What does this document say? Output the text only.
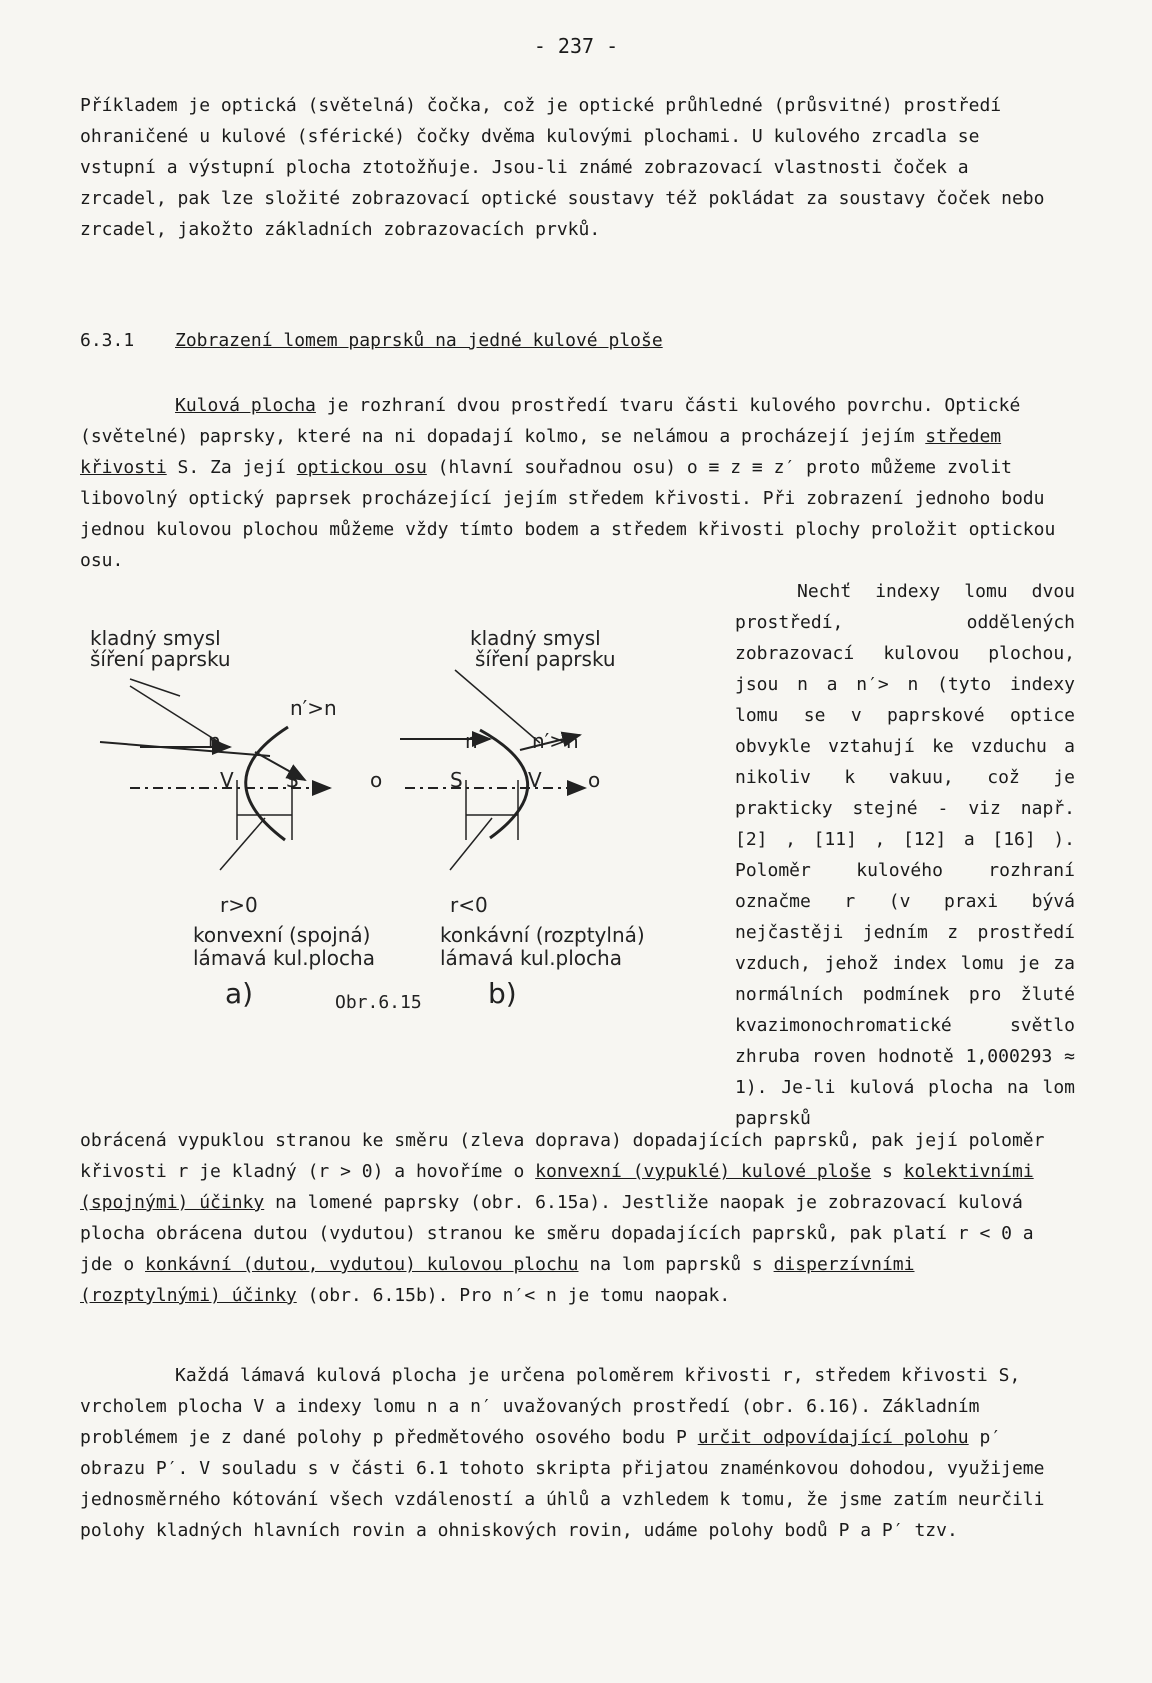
- 237 -

Příkladem je optická (světelná) čočka, což je optické průhledné (průsvitné) prostředí ohraničené u kulové (sférické) čočky dvěma kulovými plochami. U kulového zrcadla se vstupní a výstupní plocha ztotožňuje. Jsou-li známé zobrazovací vlastnosti čoček a zrcadel, pak lze složité zobrazovací optické soustavy též pokládat za soustavy čoček nebo zrcadel, jakožto základních zobrazovacích prvků.

6.3.1 Zobrazení lomem paprsků na jedné kulové ploše

Kulová plocha je rozhraní dvou prostředí tvaru části kulového povrchu. Optické (světelné) paprsky, které na ni dopadají kolmo, se nelámou a procházejí jejím středem křivosti S. Za její optickou osu (hlavní souřadnou osu) o ≡ z ≡ z′ proto můžeme zvolit libovolný optický paprsek procházející jejím středem křivosti. Při zobrazení jednoho bodu jednou kulovou plochou můžeme vždy tímto bodem a středem křivosti plochy proložit optickou osu.

Nechť indexy lomu dvou prostředí, oddělených zobrazovací kulovou plochou, jsou n a n′> n (tyto indexy lomu se v paprskové optice obvykle vztahují ke vzduchu a nikoliv k vakuu, což je prakticky stejné - viz např. [2] , [11] , [12] a [16] ). Poloměr kulového rozhraní označme r (v praxi bývá nejčastěji jedním z prostředí vzduch, jehož index lomu je za normálních podmínek pro žluté kvazimonochromatické světlo zhruba roven hodnotě 1,000293 ≈ 1). Je-li kulová plocha na lom paprsků

kladný smysl
šíření paprsku
n′>n
n
V	S	o
r>0
konvexní (spojná)
lámavá kul.plocha
a)
kladný smysl
šíření paprsku
n	n′>n
S	V o
r<0
konkávní (rozptylná)
lámavá kul.plocha
b)
Obr.6.15

obrácená vypuklou stranou ke směru (zleva doprava) dopadajících paprsků, pak její poloměr křivosti r je kladný (r > 0) a hovoříme o konvexní (vypuklé) kulové ploše s kolektivními (spojnými) účinky na lomené paprsky (obr. 6.15a). Jestliže naopak je zobrazovací kulová plocha obrácena dutou (vydutou) stranou ke směru dopadajících paprsků, pak platí r < 0 a jde o konkávní (dutou, vydutou) kulovou plochu na lom paprsků s disperzívními (rozptylnými) účinky (obr. 6.15b). Pro n′< n je tomu naopak.

Každá lámavá kulová plocha je určena poloměrem křivosti r, středem křivosti S, vrcholem plocha V a indexy lomu n a n′ uvažovaných prostředí (obr. 6.16). Základním problémem je z dané polohy p předmětového osového bodu P určit odpovídající polohu p′ obrazu P′. V souladu s v části 6.1 tohoto skripta přijatou znaménkovou dohodou, využijeme jednosměrného kótování všech vzdáleností a úhlů a vzhledem k tomu, že jsme zatím neurčili polohy kladných hlavních rovin a ohniskových rovin, udáme polohy bodů P a P′ tzv.
